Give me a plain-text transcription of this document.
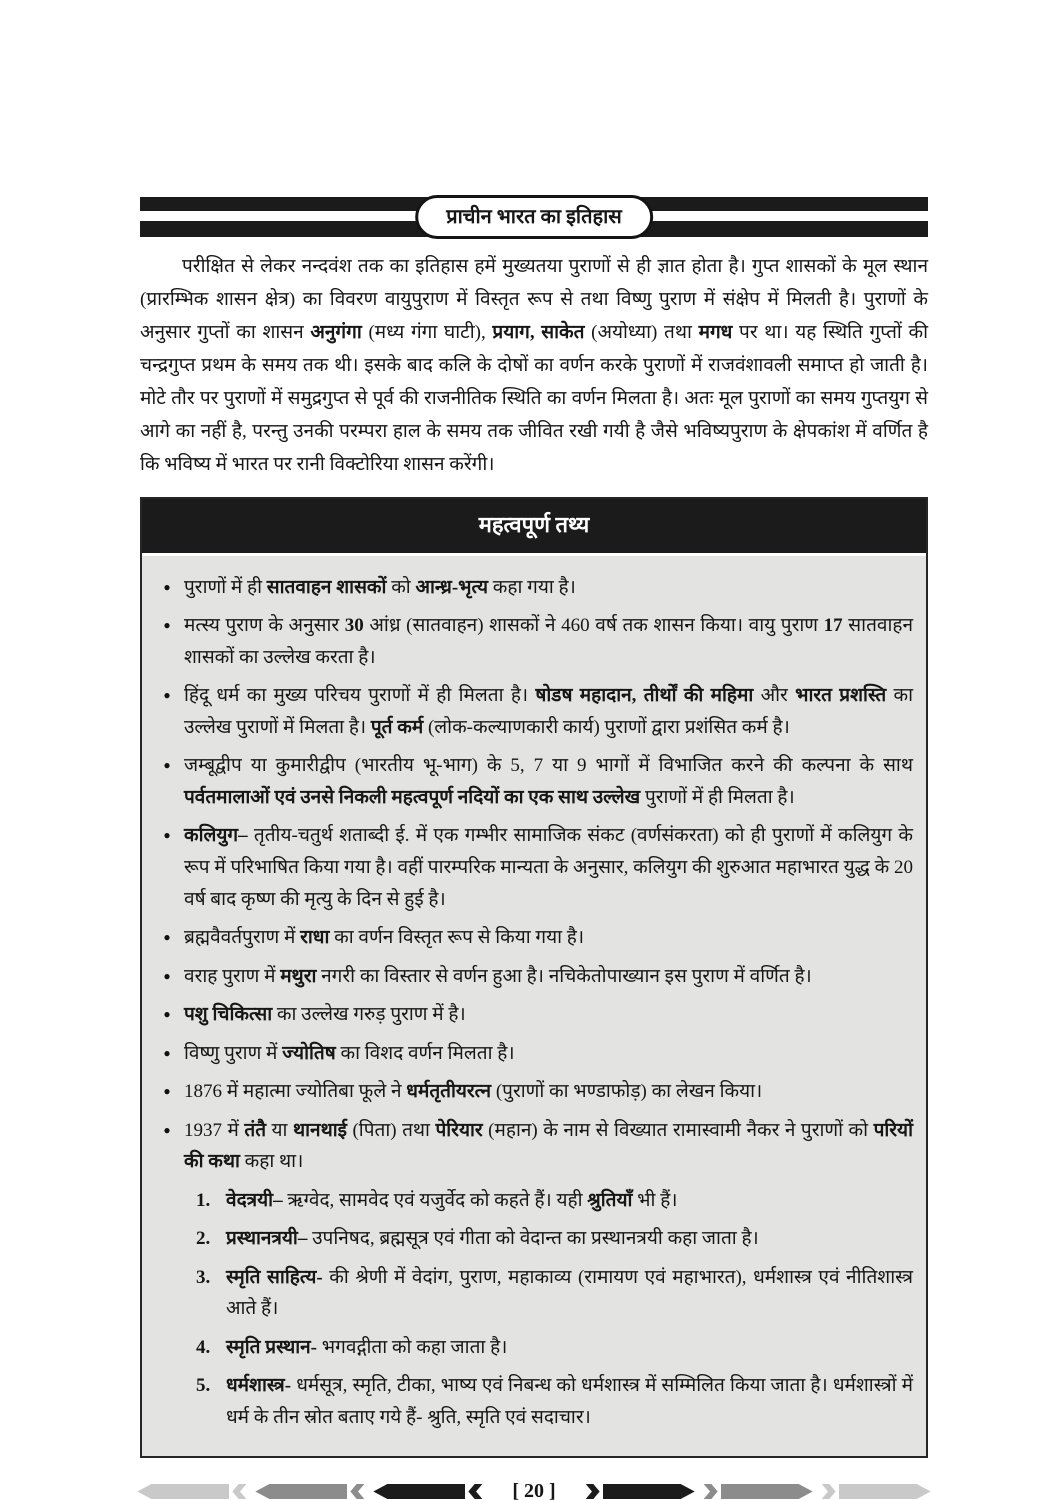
प्राचीन भारत का इतिहास

परीक्षित से लेकर नन्दवंश तक का इतिहास हमें मुख्यतया पुराणों से ही ज्ञात होता है। गुप्त शासकों के मूल स्थान (प्रारम्भिक शासन क्षेत्र) का विवरण वायुपुराण में विस्तृत रूप से तथा विष्णु पुराण में संक्षेप में मिलती है। पुराणों के अनुसार गुप्तों का शासन अनुगंगा (मध्य गंगा घाटी), प्रयाग, साकेत (अयोध्या) तथा मगध पर था। यह स्थिति गुप्तों की चन्द्रगुप्त प्रथम के समय तक थी। इसके बाद कलि के दोषों का वर्णन करके पुराणों में राजवंशावली समाप्त हो जाती है। मोटे तौर पर पुराणों में समुद्रगुप्त से पूर्व की राजनीतिक स्थिति का वर्णन मिलता है। अतः मूल पुराणों का समय गुप्तयुग से आगे का नहीं है, परन्तु उनकी परम्परा हाल के समय तक जीवित रखी गयी है जैसे भविष्यपुराण के क्षेपकांश में वर्णित है कि भविष्य में भारत पर रानी विक्टोरिया शासन करेंगी।

महत्वपूर्ण तथ्य
● पुराणों में ही सातवाहन शासकों को आन्ध्र-भृत्य कहा गया है।
● मत्स्य पुराण के अनुसार 30 आंध्र (सातवाहन) शासकों ने 460 वर्ष तक शासन किया। वायु पुराण 17 सातवाहन शासकों का उल्लेख करता है।
● हिंदू धर्म का मुख्य परिचय पुराणों में ही मिलता है। षोडष महादान, तीर्थों की महिमा और भारत प्रशस्ति का उल्लेख पुराणों में मिलता है। पूर्त कर्म (लोक-कल्याणकारी कार्य) पुराणों द्वारा प्रशंसित कर्म है।
● जम्बूद्वीप या कुमारीद्वीप (भारतीय भू-भाग) के 5, 7 या 9 भागों में विभाजित करने की कल्पना के साथ पर्वतमालाओं एवं उनसे निकली महत्वपूर्ण नदियों का एक साथ उल्लेख पुराणों में ही मिलता है।
● कलियुग– तृतीय-चतुर्थ शताब्दी ई. में एक गम्भीर सामाजिक संकट (वर्णसंकरता) को ही पुराणों में कलियुग के रूप में परिभाषित किया गया है। वहीं पारम्परिक मान्यता के अनुसार, कलियुग की शुरुआत महाभारत युद्ध के 20 वर्ष बाद कृष्ण की मृत्यु के दिन से हुई है।
● ब्रह्मवैवर्तपुराण में राधा का वर्णन विस्तृत रूप से किया गया है।
● वराह पुराण में मथुरा नगरी का विस्तार से वर्णन हुआ है। नचिकेतोपाख्यान इस पुराण में वर्णित है।
● पशु चिकित्सा का उल्लेख गरुड़ पुराण में है।
● विष्णु पुराण में ज्योतिष का विशद वर्णन मिलता है।
● 1876 में महात्मा ज्योतिबा फूले ने धर्मतृतीयरत्न (पुराणों का भण्डाफोड़) का लेखन किया।
● 1937 में तंतै या थानथाई (पिता) तथा पेरियार (महान) के नाम से विख्यात रामास्वामी नैकर ने पुराणों को परियों की कथा कहा था।
1. वेदत्रयी– ऋग्वेद, सामवेद एवं यजुर्वेद को कहते हैं। यही श्रुतियाँ भी हैं।
2. प्रस्थानत्रयी– उपनिषद, ब्रह्मसूत्र एवं गीता को वेदान्त का प्रस्थानत्रयी कहा जाता है।
3. स्मृति साहित्य- की श्रेणी में वेदांग, पुराण, महाकाव्य (रामायण एवं महाभारत), धर्मशास्त्र एवं नीतिशास्त्र आते हैं।
4. स्मृति प्रस्थान- भगवद्गीता को कहा जाता है।
5. धर्मशास्त्र- धर्मसूत्र, स्मृति, टीका, भाष्य एवं निबन्ध को धर्मशास्त्र में सम्मिलित किया जाता है। धर्मशास्त्रों में धर्म के तीन स्रोत बताए गये हैं- श्रुति, स्मृति एवं सदाचार।
[ 20 ]
